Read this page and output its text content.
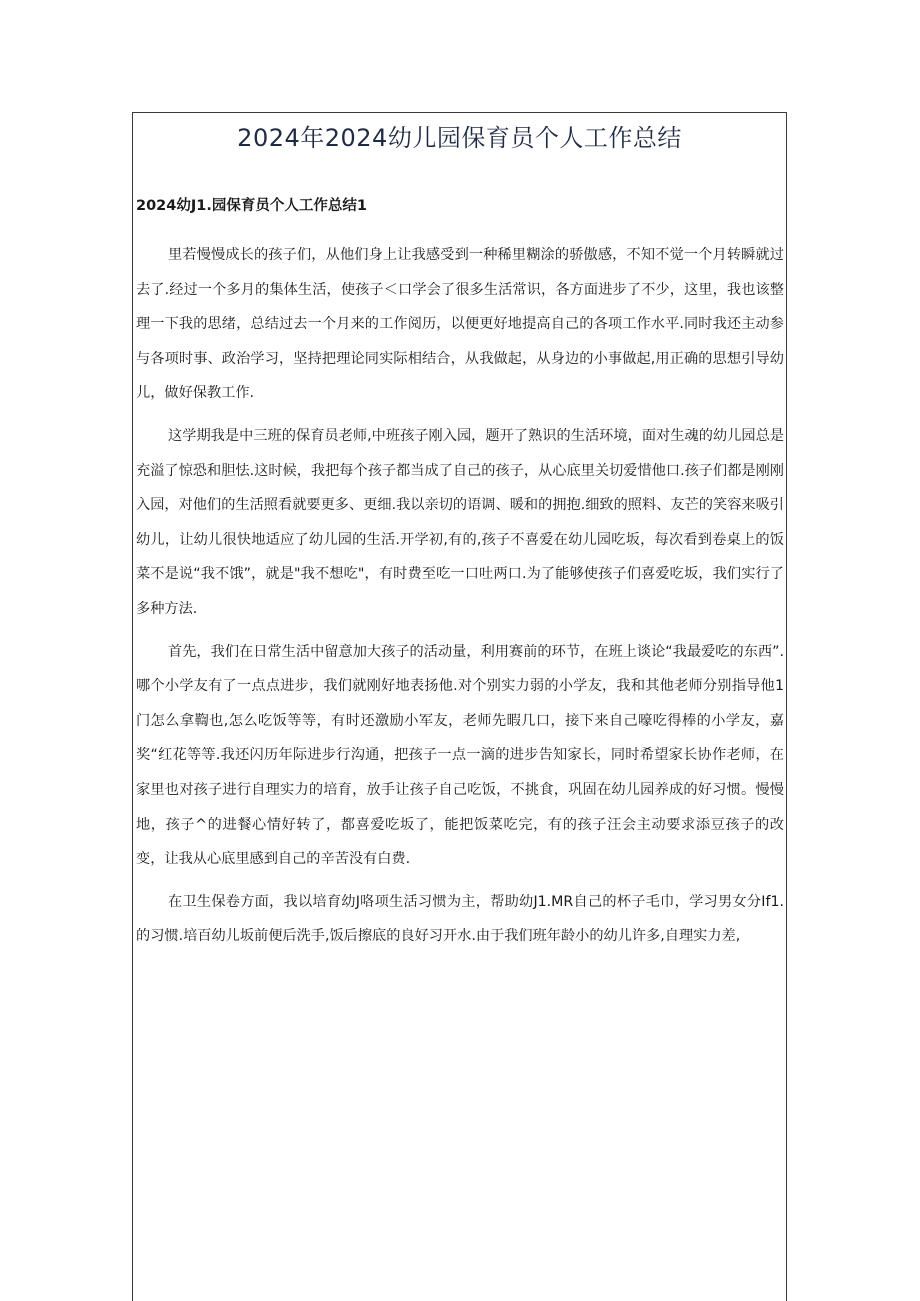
2024年2024幼儿园保育员个人工作总结
2024幼J1.园保育员个人工作总结1

里若慢慢成长的孩子们，从他们身上让我感受到一种稀里糊涂的骄傲感，不知不觉一个月转瞬就过去了.经过一个多月的集体生活，使孩子＜口学会了很多生活常识，各方面进步了不少，这里，我也该整理一下我的思绪，总结过去一个月来的工作阅历，以便更好地提高自己的各项工作水平.同时我还主动参与各项时事、政治学习，坚持把理论同实际相结合，从我做起，从身边的小事做起,用正确的思想引导幼儿，做好保教工作.

这学期我是中三班的保育员老师,中班孩子刚入园，题开了熟识的生活环境，面对生魂的幼儿园总是充溢了惊恐和胆怯.这时候，我把每个孩子都当成了自己的孩子，从心底里关切爱惜他口.孩子们都是刚刚入园，对他们的生活照看就要更多、更细.我以亲切的语调、暖和的拥抱.细致的照料、友芒的笑容来吸引幼儿，让幼儿很快地适应了幼儿园的生活.开学初,有的,孩子不喜爱在幼儿园吃坂，每次看到卷桌上的饭菜不是说“我不饿”，就是"我不想吃"，有时费至吃一口吐两口.为了能够使孩子们喜爱吃坂，我们实行了多种方法.

首先，我们在日常生活中留意加大孩子的活动量，利用赛前的环节，在班上谈论“我最爱吃的东西”.哪个小学友有了一点点进步，我们就刚好地表扬他.对个别实力弱的小学友，我和其他老师分别指导他1门怎么拿鞫也,怎么吃饭等等，有时还激励小军友，老师先暇几口，接下来自己嚎吃得棒的小学友，嘉奖“红花等等.我还闪历年际进步行沟通，把孩子一点一滴的进步告知家长，同时希望家长协作老师，在家里也对孩子进行自理实力的培育，放手让孩子自己吃饭，不挑食，巩固在幼儿园养成的好习惯。慢慢地，孩子^的进餐心情好转了，都喜爱吃坂了，能把饭菜吃完，有的孩子汪会主动要求添豆孩子的改变，让我从心底里感到自己的辛苦没有白费.

在卫生保卷方面，我以培育幼J咯项生活习惯为主，帮助幼J1.MR自己的杯子毛巾，学习男女分If1.的习惯.培百幼儿坂前便后洗手,饭后擦底的良好习开水.由于我们班年龄小的幼儿许多,自理实力差,
